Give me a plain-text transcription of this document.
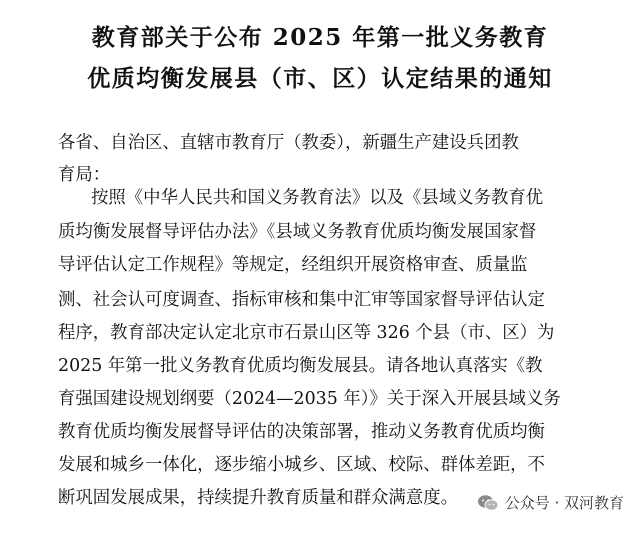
教育部关于公布 2025 年第一批义务教育
优质均衡发展县（市、区）认定结果的通知
各省、自治区、直辖市教育厅（教委），新疆生产建设兵团教
育局：
按照《中华人民共和国义务教育法》以及《县域义务教育优
质均衡发展督导评估办法》《县域义务教育优质均衡发展国家督
导评估认定工作规程》等规定，经组织开展资格审查、质量监
测、社会认可度调查、指标审核和集中汇审等国家督导评估认定
程序，教育部决定认定北京市石景山区等 326 个县（市、区）为
2025 年第一批义务教育优质均衡发展县。请各地认真落实《教
育强国建设规划纲要（2024—2035 年）》关于深入开展县域义务
教育优质均衡发展督导评估的决策部署，推动义务教育优质均衡
发展和城乡一体化，逐步缩小城乡、区域、校际、群体差距，不
断巩固发展成果，持续提升教育质量和群众满意度。	公众号 · 双河教育
